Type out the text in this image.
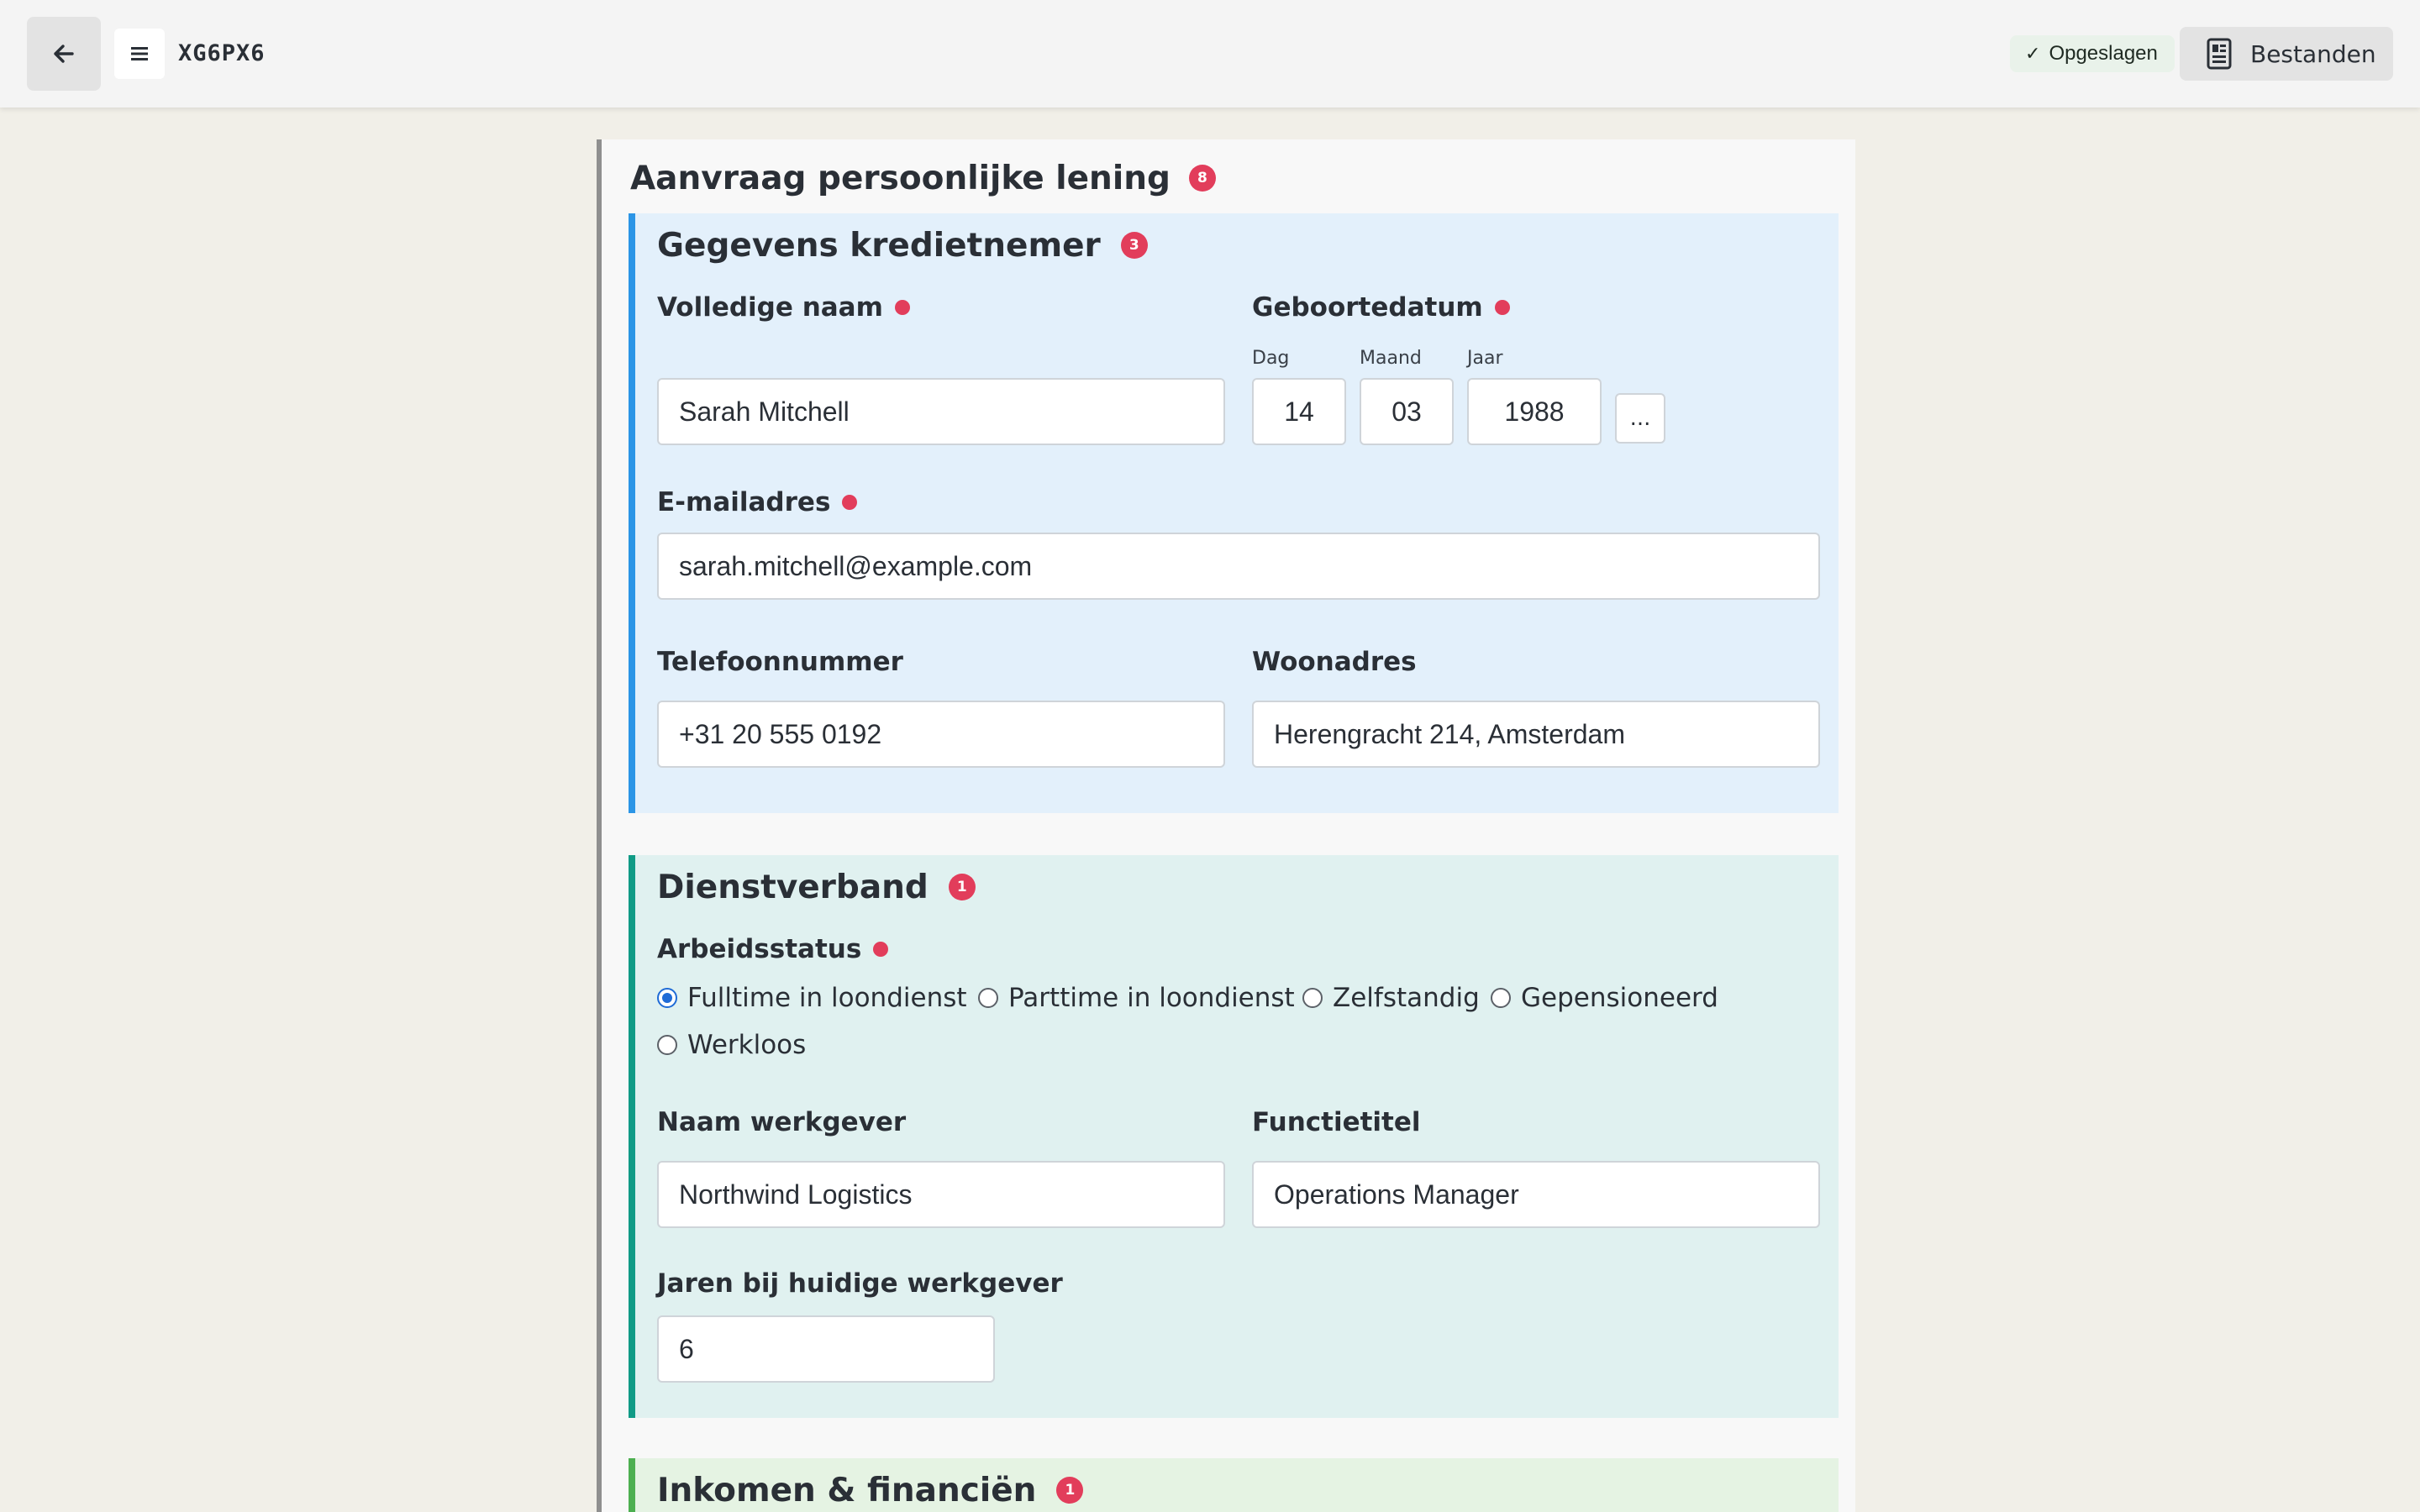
XG6PX6	✓ Opgeslagen	Bestanden
Aanvraag persoonlijke lening	8
Gegevens kredietnemer	3
Volledige naam
Sarah Mitchell
Geboortedatum
Dag	Maand Jaar
14	03	1988	...
E-mailadres
sarah.mitchell@example.com
Telefoonnummer
+31 20 555 0192
Woonadres
Herengracht 214, Amsterdam
Dienstverband	1
Arbeidsstatus
Fulltime in loondienst Parttime in loondienst Zelfstandig Gepensioneerd
Werkloos
Naam werkgever
Northwind Logistics
Functietitel
Operations Manager
Jaren bij huidige werkgever
6
Inkomen & financiën	1
